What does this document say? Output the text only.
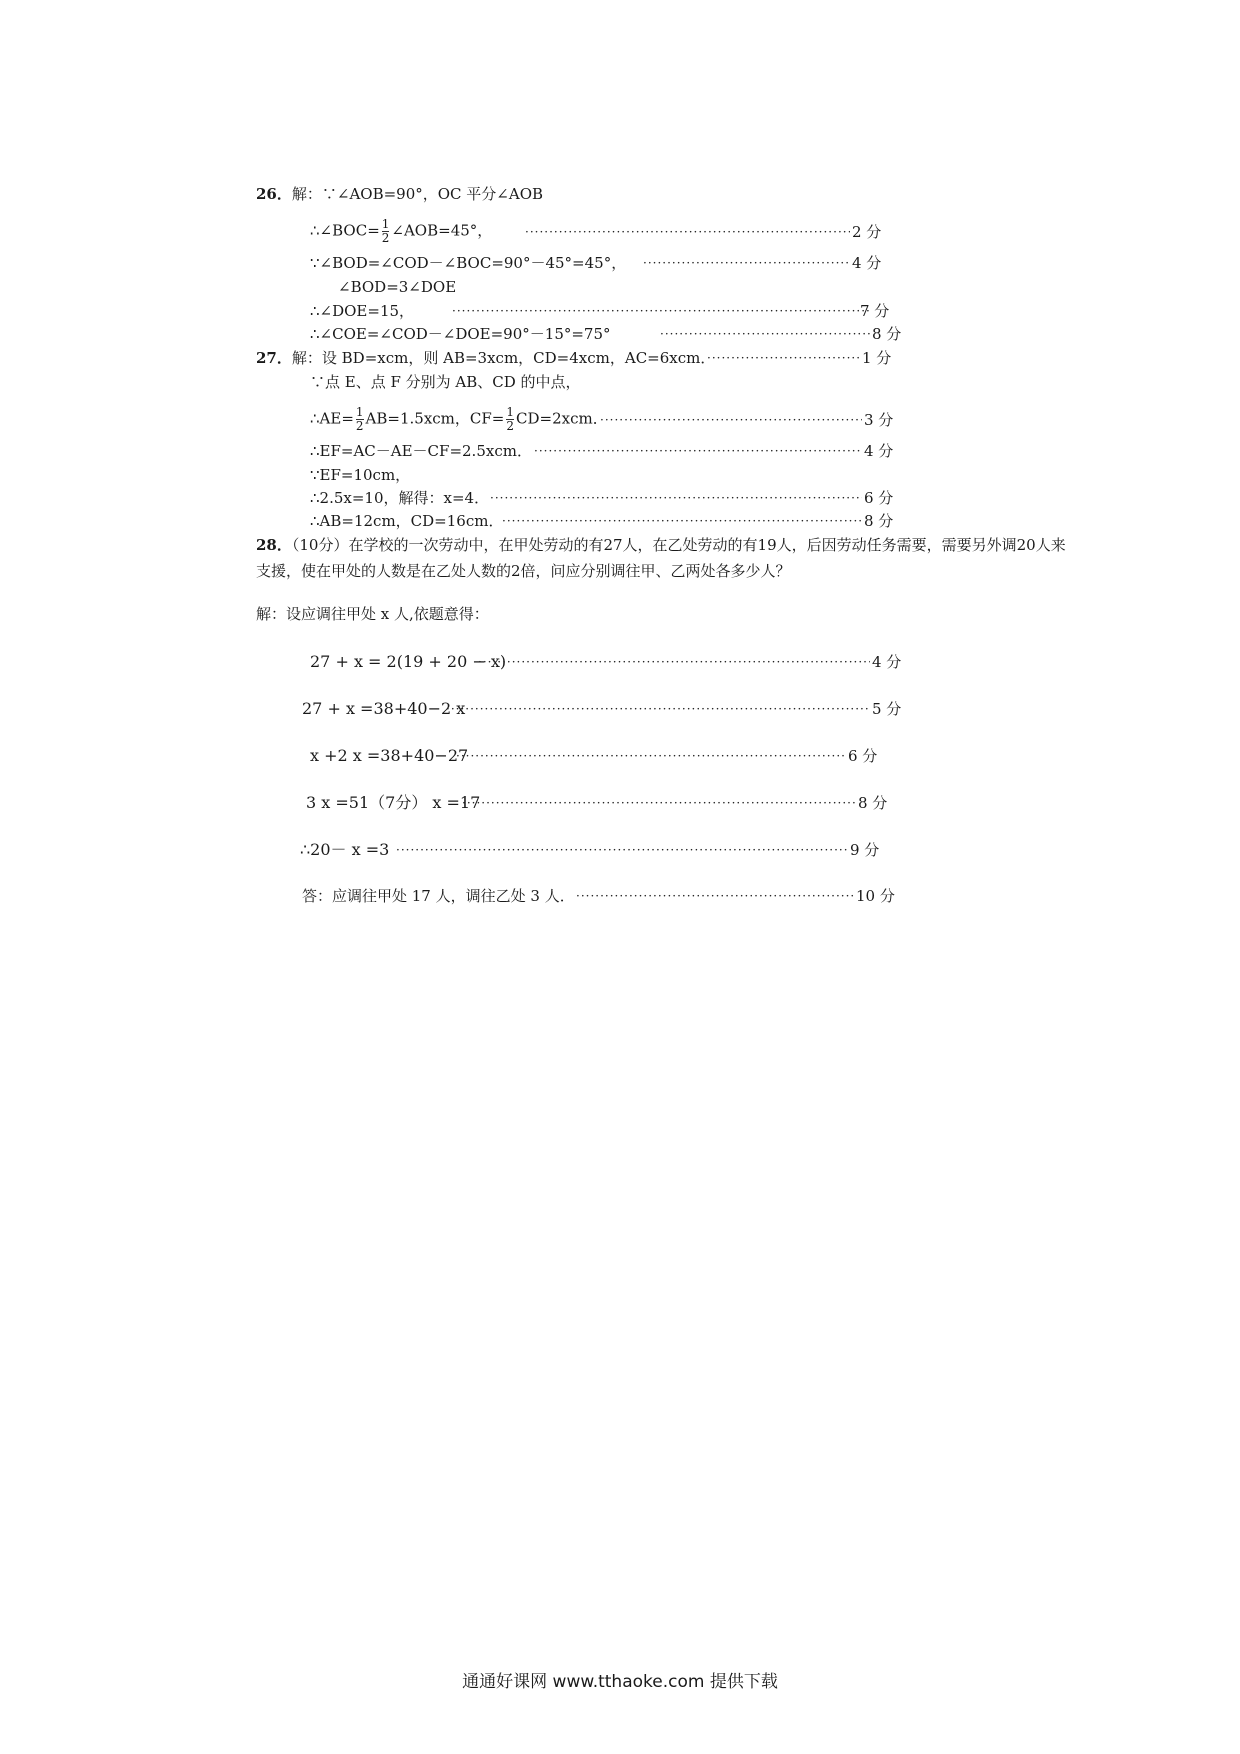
26．解：∵∠AOB=90°，OC 平分∠AOB
∴∠BOC= $\frac{1}{2}$ ∠AOB=45°， ·····	2 分
∵∠BOD=∠COD－∠BOC=90°－45°=45°， ·····	4 分
∠BOD=3∠DOE
∴∠DOE=15， ·····	7 分
∴∠COE=∠COD－∠DOE=90°－15°=75° ·····	8 分
27．解：设 BD=xcm，则 AB=3xcm，CD=4xcm，AC=6xcm． ·····	1 分
∵点 E、点 F 分别为 AB、CD 的中点，
∴AE= $\frac{1}{2} AB=1.5xcm$，$CF= \frac{1}{2} CD=2xcm$． ·····	3 分
∴EF=AC－AE－CF=2.5xcm． ·····	4 分
∵EF=10cm，
∴2.5x=10，解得：x=4． ·····	6 分
∴AB=12cm，CD=16cm． ·····	8 分
28．（10分）在学校的一次劳动中，在甲处劳动的有27人，在乙处劳动的有19人，后因劳动任务需要，需要另外调20人来支援，使在甲处的人数是在乙处人数的2倍，问应分别调往甲、乙两处各多少人？
解：设应调往甲处 x 人,依题意得：
27 + x = 2(19 + 20 − x) ·····	4 分
27 + x =38+40−2 x ·····	5 分
x +2 x =38+40−27 ·····	6 分
3 x =51（7分） x =17 ·····	8 分
∴20－ x =3 ·····	9 分
答：应调往甲处 17 人，调往乙处 3 人． ·····	10 分
通通好课网 www.tthaoke.com 提供下载
